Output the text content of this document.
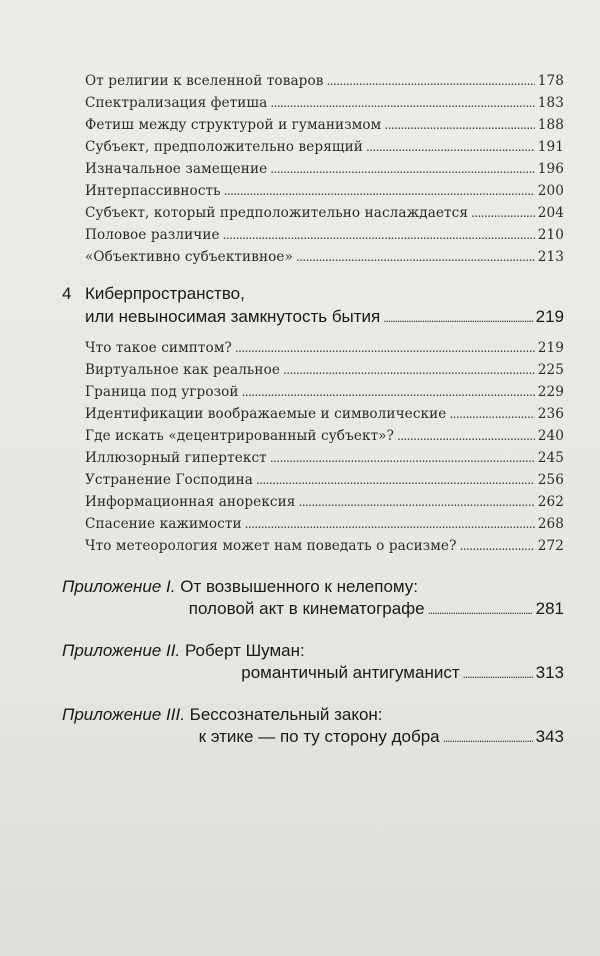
От религии к вселенной товаров . . .	178
Спектрализация фетиша . . .	183
Фетиш между структурой и гуманизмом . . .	188
Субъект, предположительно верящий . . .	191
Изначальное замещение . . .	196
Интерпассивность . . .	200
Субъект, который предположительно наслаждается . . .	204
Половое различие . . .	210
«Объективно субъективное» . . .	213
4 Киберпространство,
или невыносимая замкнутость бытия . . .	219
Что такое симптом? . . .	219
Виртуальное как реальное . . .	225
Граница под угрозой . . .	229
Идентификации воображаемые и символические . . .	236
Где искать «децентрированный субъект»? . . .	240
Иллюзорный гипертекст . . .	245
Устранение Господина . . .	256
Информационная анорексия . . .	262
Спасение кажимости . . .	268
Что метеорология может нам поведать о расизме? . . .	272
Приложение I.
От возвышенного к нелепому:
половой акт в кинематографе . . .	281
Приложение II.
Роберт Шуман:
романтичный антигуманист . . .	313
Приложение III.
Бессознательный закон:
к этике — по ту сторону добра . . .	343
